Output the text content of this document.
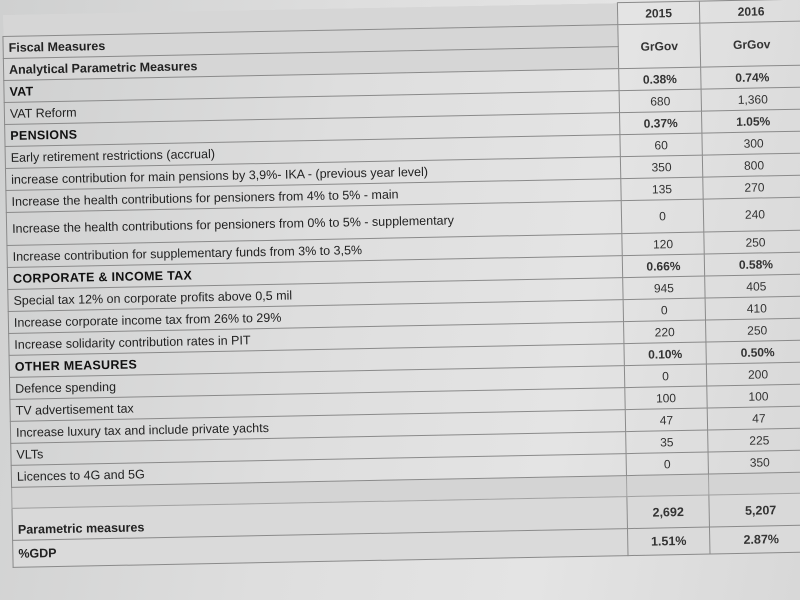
	2015	2016
Fiscal Measures	GrGov	GrGov
Analytical Parametric Measures		
VAT	0.38%	0.74%
VAT Reform	680	1,360
PENSIONS	0.37%	1.05%
Early retirement restrictions (accrual)	60	300
increase contribution for main pensions by 3,9%- IKA - (previous year level)	350	800
Increase the health contributions for pensioners from 4% to 5% - main	135	270
Increase the health contributions for pensioners from 0% to 5% - supplementary	0	240
Increase contribution for supplementary funds from 3% to 3,5%	120	250
CORPORATE & INCOME TAX	0.66%	0.58%
Special tax 12% on corporate profits above 0,5 mil	945	405
Increase corporate income tax from 26% to 29%	0	410
Increase solidarity contribution rates in PIT	220	250
OTHER MEASURES	0.10%	0.50%
Defence spending	0	200
TV advertisement tax	100	100
Increase luxury tax and include private yachts	47	47
VLTs	35	225
Licences to 4G and 5G	0	350

Parametric measures	2,692	5,207
%GDP	1.51%	2.87%
